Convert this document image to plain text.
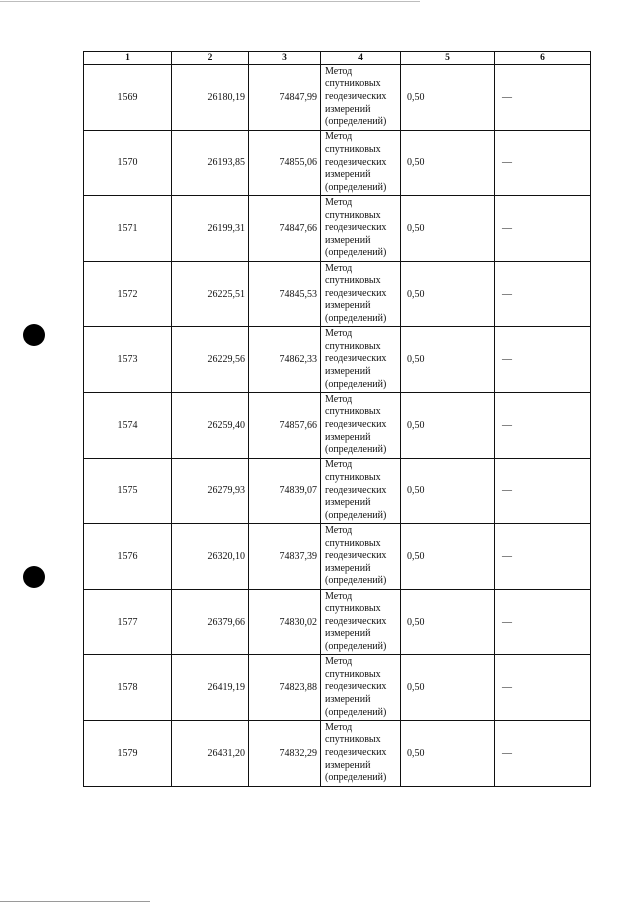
1	2	3	4	5	6
1569	26180,19	74847,99	Метод
спутниковых
геодезических
измерений
(определений)	0,50	—
1570	26193,85	74855,06	Метод
спутниковых
геодезических
измерений
(определений)	0,50	—
1571	26199,31	74847,66	Метод
спутниковых
геодезических
измерений
(определений)	0,50	—
1572	26225,51	74845,53	Метод
спутниковых
геодезических
измерений
(определений)	0,50	—
1573	26229,56	74862,33	Метод
спутниковых
геодезических
измерений
(определений)	0,50	—
1574	26259,40	74857,66	Метод
спутниковых
геодезических
измерений
(определений)	0,50	—
1575	26279,93	74839,07	Метод
спутниковых
геодезических
измерений
(определений)	0,50	—
1576	26320,10	74837,39	Метод
спутниковых
геодезических
измерений
(определений)	0,50	—
1577	26379,66	74830,02	Метод
спутниковых
геодезических
измерений
(определений)	0,50	—
1578	26419,19	74823,88	Метод
спутниковых
геодезических
измерений
(определений)	0,50	—
1579	26431,20	74832,29	Метод
спутниковых
геодезических
измерений
(определений)	0,50	—
